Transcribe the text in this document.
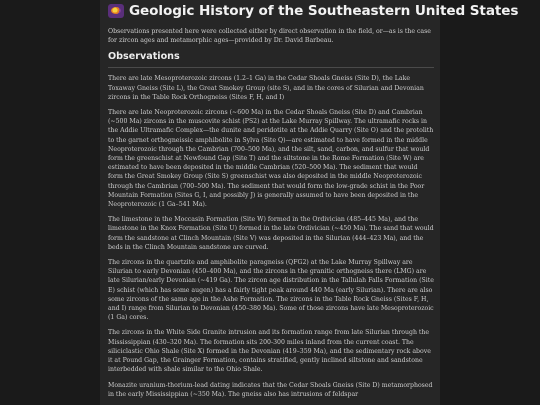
Geologic History of the Southeastern United States

Observations presented here were collected either by direct observation in the field, or—as is the case for zircon ages and metamorphic ages—provided by Dr. David Barbeau.

Observations

There are late Mesoproterozoic zircons (1.2–1 Ga) in the Cedar Shoals Gneiss (Site D), the Lake Toxaway Gneiss (Site L), the Great Smokey Group (site S), and in the cores of Silurian and Devonian zircons in the Table Rock Orthogneiss (Sites F, H, and I)

There are late Neoproterozoic zircons (~600 Ma) in the Cedar Shoals Gneiss (Site D) and Cambrian (~500 Ma) zircons in the muscovite schist (PS2) at the Lake Murray Spillway. The ultramafic rocks in the Addie Ultramafic Complex—the dunite and peridotite at the Addie Quarry (Site O) and the protolith to the garnet orthogneissic amphibolite in Sylva (Site Q)—are estimated to have formed in the middle Neoproterozoic through the Cambrian (700–500 Ma), and the silt, sand, carbon, and sulfur that would form the greenschist at Newfound Gap (Site T) and the siltstone in the Rome Formation (Site W) are estimated to have been deposited in the middle Cambrian (520–500 Ma). The sediment that would form the Great Smokey Group (Site S) greenschist was also deposited in the middle Neoproterozoic through the Cambrian (700–500 Ma). The sediment that would form the low-grade schist in the Poor Mountain Formation (Sites G, I, and possibly J) is generally assumed to have been deposited in the Neoproterozoic (1 Ga–541 Ma).

The limestone in the Moccasin Formation (Site W) formed in the Ordivician (485–445 Ma), and the limestone in the Knox Formation (Site U) formed in the late Ordivician (~450 Ma). The sand that would form the sandstone at Clinch Mountain (Site V) was deposited in the Silurian (444–423 Ma), and the beds in the Clinch Mountain sandstone are curved.

The zircons in the quartzite and amphibolite paragneiss (QFG2) at the Lake Murray Spillway are Silurian to early Devonian (450–400 Ma), and the zircons in the granitic orthogneiss there (LMG) are late Silurian/early Devonian (~419 Ga). The zircon age distribution in the Tallulah Falls Formation (Site E) schist (which has some augen) has a fairly tight peak around 440 Ma (early Silurian). There are also some zircons of the same age in the Ashe Formation. The zircons in the Table Rock Gneiss (Sites F, H, and I) range from Silurian to Devonian (450–380 Ma). Some of those zircons have late Mesoproterozoic (1 Ga) cores.

The zircons in the White Side Granite intrusion and its formation range from late Silurian through the Mississippian (430–320 Ma). The formation sits 200-300 miles inland from the current coast. The siliciclastic Ohio Shale (Site X) formed in the Devonian (419–359 Ma), and the sedimentary rock above it at Pound Gap, the Grainger Formation, contains stratified, gently inclined siltstone and sandstone interbedded with shale similar to the Ohio Shale.

Monazite uranium-thorium-lead dating indicates that the Cedar Shoals Gneiss (Site D) metamorphosed in the early Mississippian (~350 Ma). The gneiss also has intrusions of feldspar
